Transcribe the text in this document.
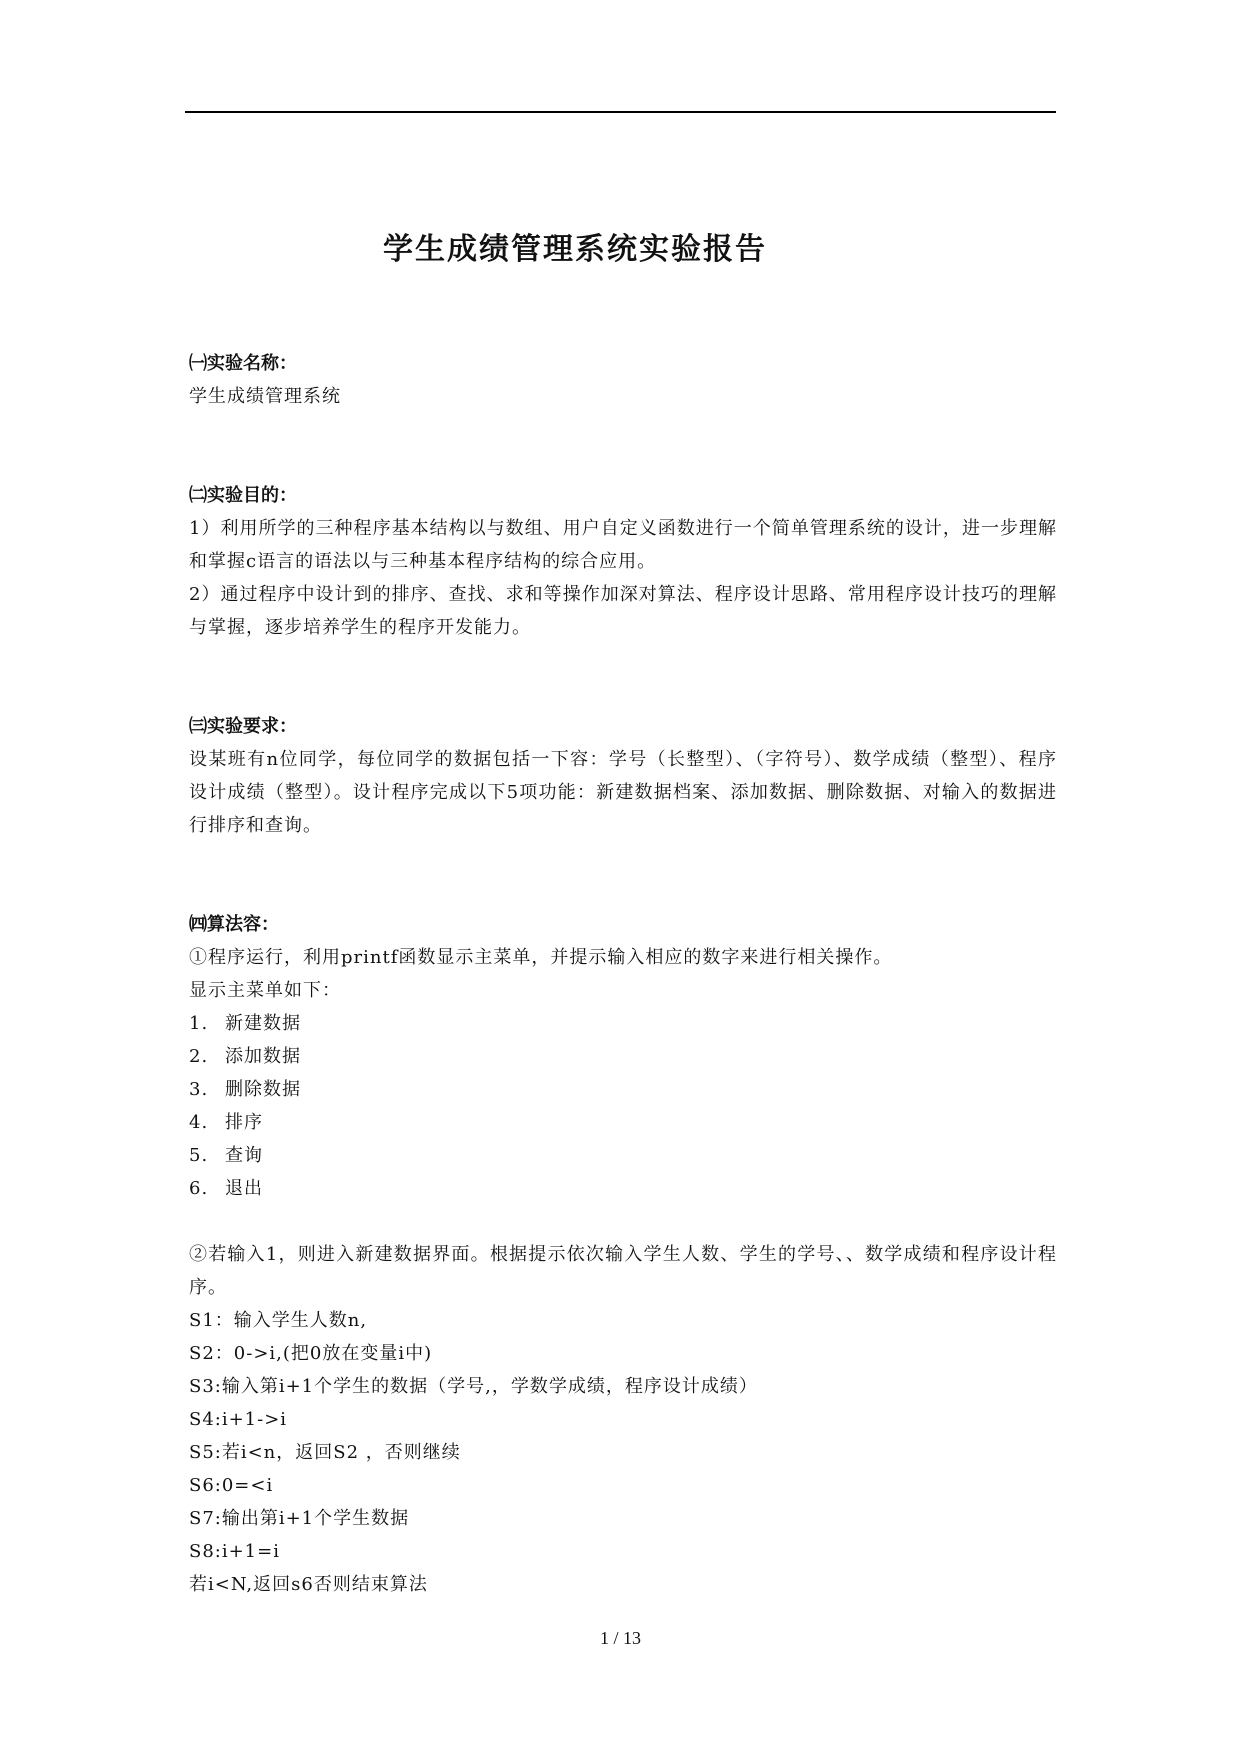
学生成绩管理系统实验报告

㈠实验名称：

学生成绩管理系统

㈡实验目的：

1）利用所学的三种程序基本结构以与数组、用户自定义函数进行一个简单管理系统的设计，进一步理解和掌握c语言的语法以与三种基本程序结构的综合应用。

2）通过程序中设计到的排序、查找、求和等操作加深对算法、程序设计思路、常用程序设计技巧的理解与掌握，逐步培养学生的程序开发能力。

㈢实验要求：

设某班有n位同学，每位同学的数据包括一下容：学号（长整型）、（字符号）、数学成绩（整型）、程序设计成绩（整型）。设计程序完成以下5项功能：新建数据档案、添加数据、删除数据、对输入的数据进行排序和查询。

㈣算法容：

①程序运行，利用printf函数显示主菜单，并提示输入相应的数字来进行相关操作。

显示主菜单如下：

1. 新建数据
2. 添加数据
3. 删除数据
4. 排序
5. 查询
6. 退出

②若输入1，则进入新建数据界面。根据提示依次输入学生人数、学生的学号、、数学成绩和程序设计程序。

S1：输入学生人数n,

S2：0->i,(把0放在变量i中)

S3:输入第i+1个学生的数据（学号,，学数学成绩，程序设计成绩）

S4:i+1->i

S5:若i<n，返回S2 ，否则继续

S6:0=<i

S7:输出第i+1个学生数据

S8:i+1=i

若i<N,返回s6否则结束算法

1 / 13
